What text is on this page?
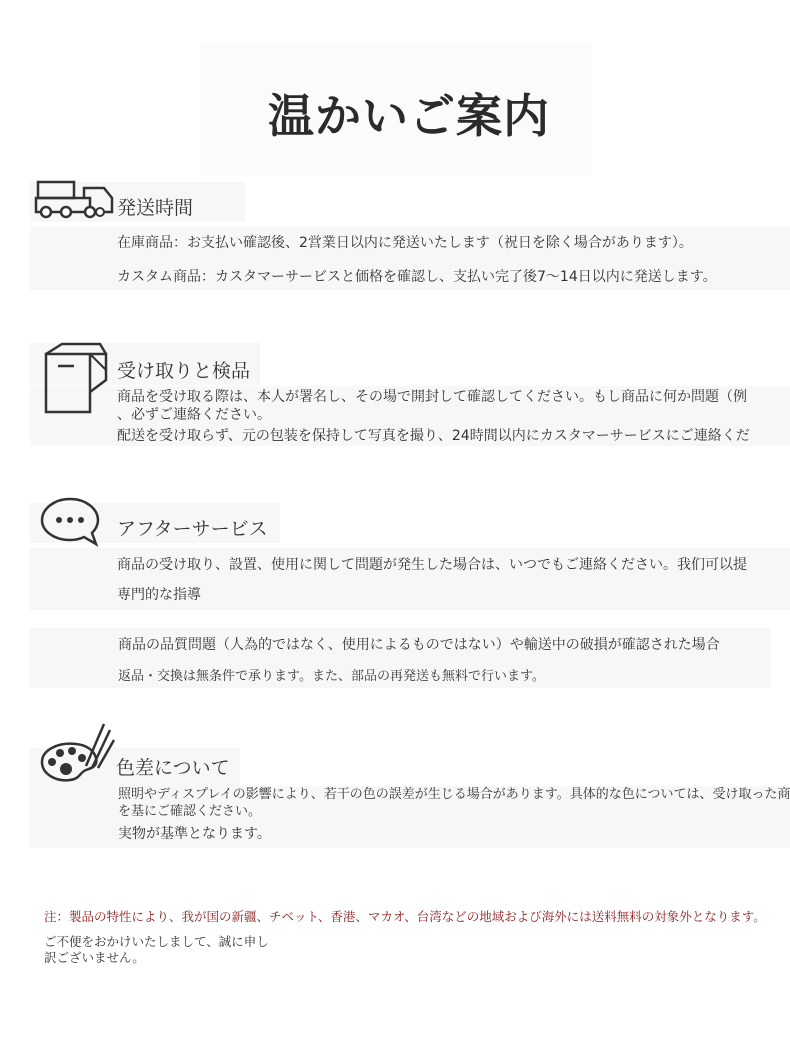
温かいご案内
発送時間
在庫商品：お支払い確認後、2営業日以内に発送いたします（祝日を除く場合があります）。
カスタム商品：カスタマーサービスと価格を確認し、支払い完了後7〜14日以内に発送します。
受け取りと検品
商品を受け取る際は、本人が署名し、その場で開封して確認してください。もし商品に何か問題（例
、必ずご連絡ください。
配送を受け取らず、元の包装を保持して写真を撮り、24時間以内にカスタマーサービスにご連絡くだ
アフターサービス
商品の受け取り、設置、使用に関して問題が発生した場合は、いつでもご連絡ください。我们可以提
専門的な指導
商品の品質問題（人為的ではなく、使用によるものではない）や輸送中の破損が確認された場合
返品・交換は無条件で承ります。また、部品の再発送も無料で行います。
色差について
照明やディスプレイの影響により、若干の色の誤差が生じる場合があります。具体的な色については、受け取った商
を基にご確認ください。
実物が基準となります。
注：製品の特性により、我が国の新疆、チベット、香港、マカオ、台湾などの地域および海外には送料無料の対象外となります。
ご不便をおかけいたしまして、誠に申し訳ございません。
